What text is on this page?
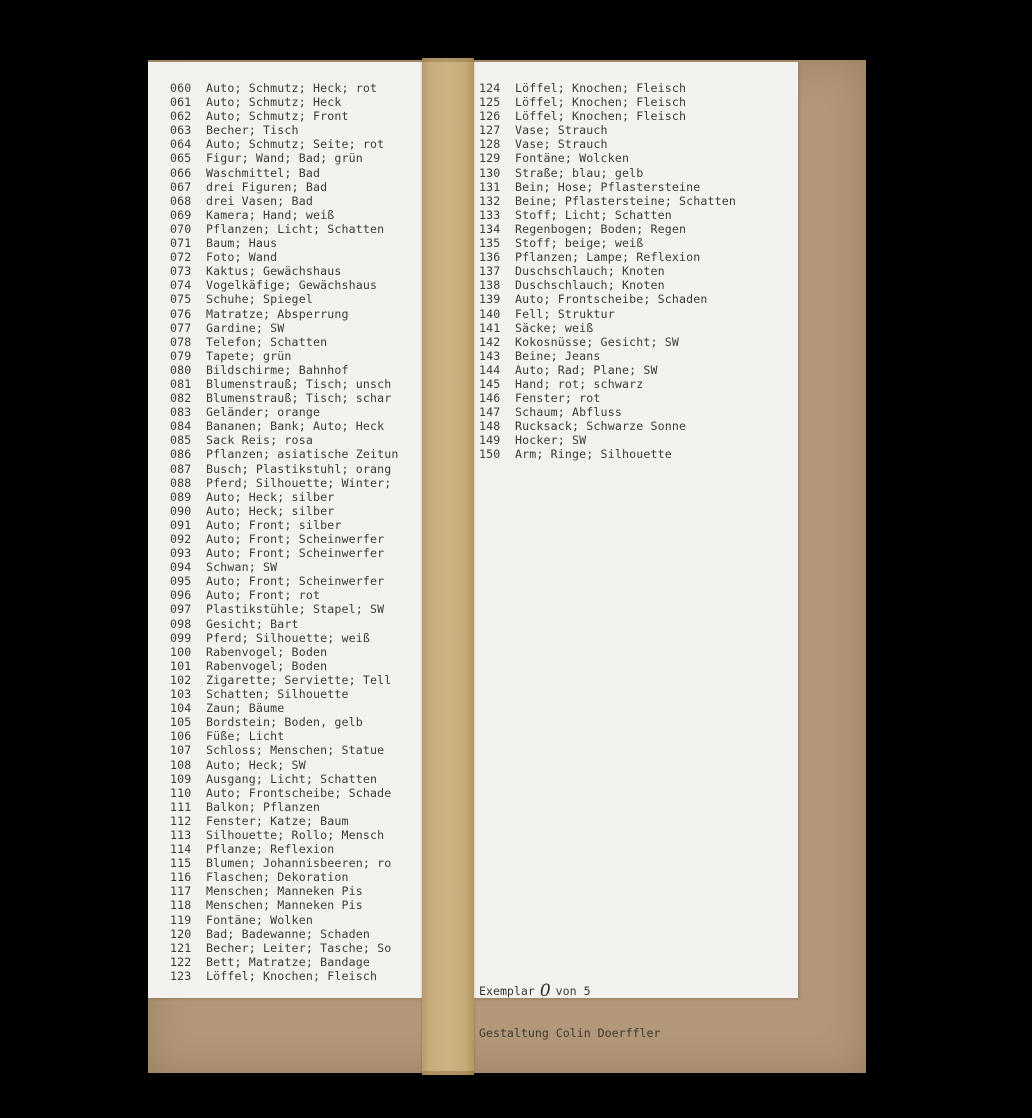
060 Auto; Schmutz; Heck; rot
061 Auto; Schmutz; Heck
062 Auto; Schmutz; Front
063 Becher; Tisch
064 Auto; Schmutz; Seite; rot
065 Figur; Wand; Bad; grün
066 Waschmittel; Bad
067 drei Figuren; Bad
068 drei Vasen; Bad
069 Kamera; Hand; weiß
070 Pflanzen; Licht; Schatten
071 Baum; Haus
072 Foto; Wand
073 Kaktus; Gewächshaus
074 Vogelkäfige; Gewächshaus
075 Schuhe; Spiegel
076 Matratze; Absperrung
077 Gardine; SW
078 Telefon; Schatten
079 Tapete; grün
080 Bildschirme; Bahnhof
081 Blumenstrauß; Tisch; unsch
082 Blumenstrauß; Tisch; schar
083 Geländer; orange
084 Bananen; Bank; Auto; Heck
085 Sack Reis; rosa
086 Pflanzen; asiatische Zeitun
087 Busch; Plastikstuhl; orang
088 Pferd; Silhouette; Winter;
089 Auto; Heck; silber
090 Auto; Heck; silber
091 Auto; Front; silber
092 Auto; Front; Scheinwerfer
093 Auto; Front; Scheinwerfer
094 Schwan; SW
095 Auto; Front; Scheinwerfer
096 Auto; Front; rot
097 Plastikstühle; Stapel; SW
098 Gesicht; Bart
099 Pferd; Silhouette; weiß
100 Rabenvogel; Boden
101 Rabenvogel; Boden
102 Zigarette; Serviette; Tell
103 Schatten; Silhouette
104 Zaun; Bäume
105 Bordstein; Boden, gelb
106 Füße; Licht
107 Schloss; Menschen; Statue
108 Auto; Heck; SW
109 Ausgang; Licht; Schatten
110 Auto; Frontscheibe; Schade
111 Balkon; Pflanzen
112 Fenster; Katze; Baum
113 Silhouette; Rollo; Mensch
114 Pflanze; Reflexion
115 Blumen; Johannisbeeren; ro
116 Flaschen; Dekoration
117 Menschen; Manneken Pis
118 Menschen; Manneken Pis
119 Fontäne; Wolken
120 Bad; Badewanne; Schaden
121 Becher; Leiter; Tasche; So
122 Bett; Matratze; Bandage
123 Löffel; Knochen; Fleisch
124 Löffel; Knochen; Fleisch
125 Löffel; Knochen; Fleisch
126 Löffel; Knochen; Fleisch
127 Vase; Strauch
128 Vase; Strauch
129 Fontäne; Wolcken
130 Straße; blau; gelb
131 Bein; Hose; Pflastersteine
132 Beine; Pflastersteine; Schatten
133 Stoff; Licht; Schatten
134 Regenbogen; Boden; Regen
135 Stoff; beige; weiß
136 Pflanzen; Lampe; Reflexion
137 Duschschlauch; Knoten
138 Duschschlauch; Knoten
139 Auto; Frontscheibe; Schaden
140 Fell; Struktur
141 Säcke; weiß
142 Kokosnüsse; Gesicht; SW
143 Beine; Jeans
144 Auto; Rad; Plane; SW
145 Hand; rot; schwarz
146 Fenster; rot
147 Schaum; Abfluss
148 Rucksack; Schwarze Sonne
149 Hocker; SW
150 Arm; Ringe; Silhouette

Exemplar 0 von 5

Gestaltung Colin Doerffler
